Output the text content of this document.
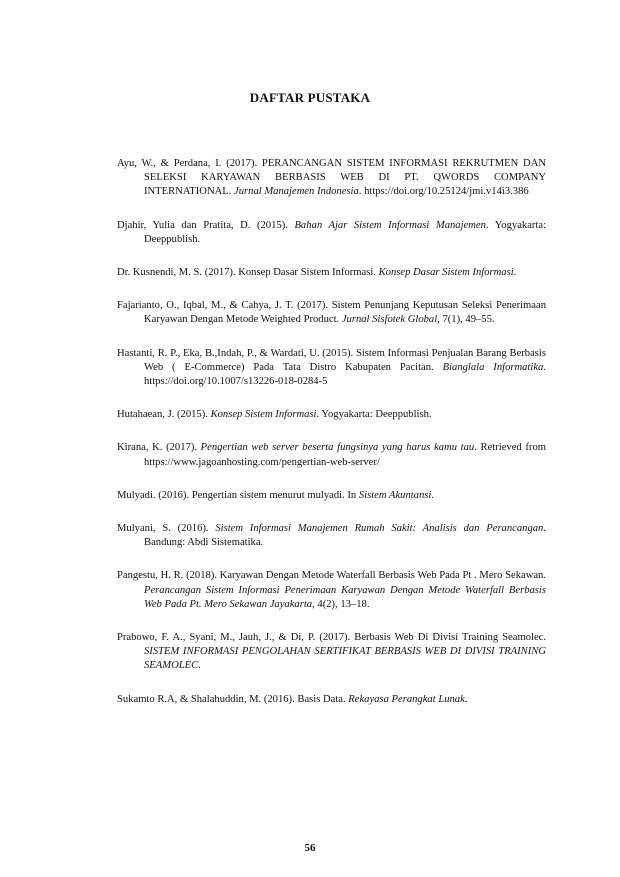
DAFTAR PUSTAKA

Ayu, W., & Perdana, I. (2017). PERANCANGAN SISTEM INFORMASI REKRUTMEN DAN SELEKSI KARYAWAN BERBASIS WEB DI PT. QWORDS COMPANY INTERNATIONAL. Jurnal Manajemen Indonesia. https://doi.org/10.25124/jmi.v14i3.386

Djahir, Yulia dan Pratita, D. (2015). Bahan Ajar Sistem Informasi Manajemen. Yogyakarta: Deeppublish.

Dr. Kusnendi, M. S. (2017). Konsep Dasar Sistem Informasi. Konsep Dasar Sistem Informasi.

Fajarianto, O., Iqbal, M., & Cahya, J. T. (2017). Sistem Penunjang Keputusan Seleksi Penerimaan Karyawan Dengan Metode Weighted Product. Jurnal Sisfotek Global, 7(1), 49–55.

Hastanti, R. P., Eka, B.,Indah, P., & Wardati, U. (2015). Sistem Informasi Penjualan Barang Berbasis Web ( E-Commerce) Pada Tata Distro Kabupaten Pacitan. Bianglala Informatika. https://doi.org/10.1007/s13226-018-0284-5

Hutahaean, J. (2015). Konsep Sistem Informasi. Yogyakarta: Deeppublish.

Kirana, K. (2017). Pengertian web server beserta fungsinya yang harus kamu tau. Retrieved from https://www.jagoanhosting.com/pengertian-web-server/

Mulyadi. (2016). Pengertian sistem menurut mulyadi. In Sistem Akuntansi.

Mulyani, S. (2016). Sistem Informasi Manajemen Rumah Sakit: Analisis dan Perancangan. Bandung: Abdi Sistematika.

Pangestu, H. R. (2018). Karyawan Dengan Metode Waterfall Berbasis Web Pada Pt . Mero Sekawan. Perancangan Sistem Informasi Penerimaan Karyawan Dengan Metode Waterfall Berbasis Web Pada Pt. Mero Sekawan Jayakarta, 4(2), 13–18.

Prabowo, F. A., Syani, M., Jauh, J., & Di, P. (2017). Berbasis Web Di Divisi Training Seamolec. SISTEM INFORMASI PENGOLAHAN SERTIFIKAT BERBASIS WEB DI DIVISI TRAINING SEAMOLEC.

Sukamto R.A, & Shalahuddin, M. (2016). Basis Data. Rekayasa Perangkat Lunak.

56
